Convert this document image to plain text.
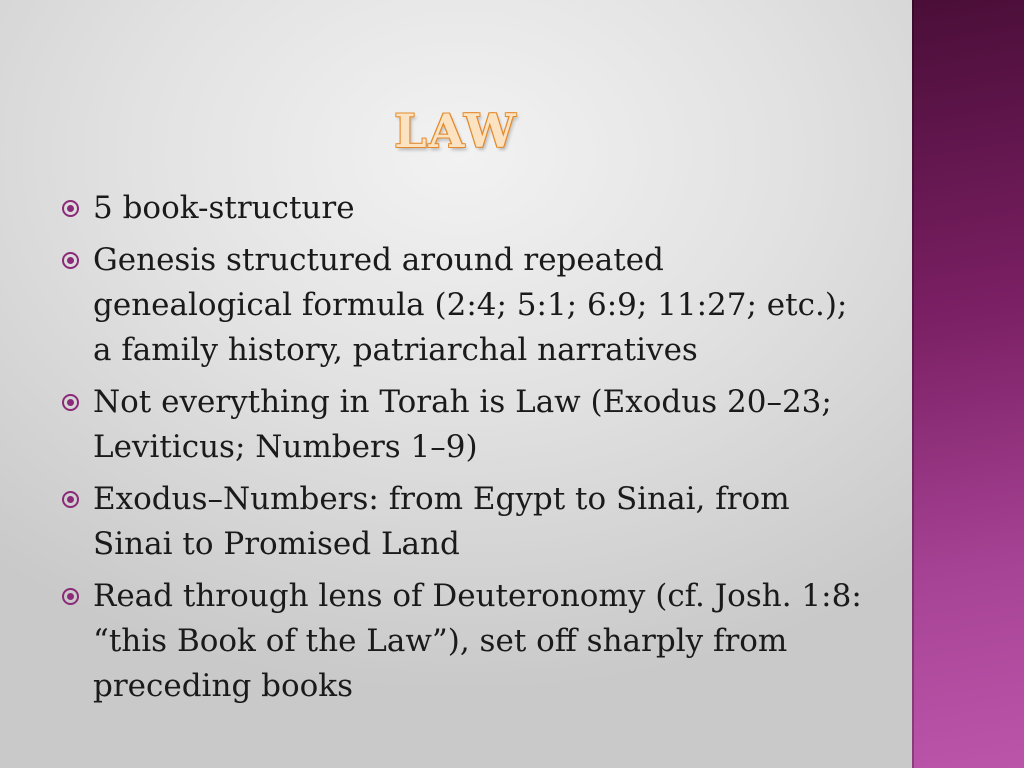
LAW
5 book-structure
Genesis structured around repeated genealogical formula (2:4; 5:1; 6:9; 11:27; etc.); a family history, patriarchal narratives
Not everything in Torah is Law (Exodus 20–23; Leviticus; Numbers 1–9)
Exodus–Numbers: from Egypt to Sinai, from Sinai to Promised Land
Read through lens of Deuteronomy (cf. Josh. 1:8: “this Book of the Law”), set off sharply from preceding books
